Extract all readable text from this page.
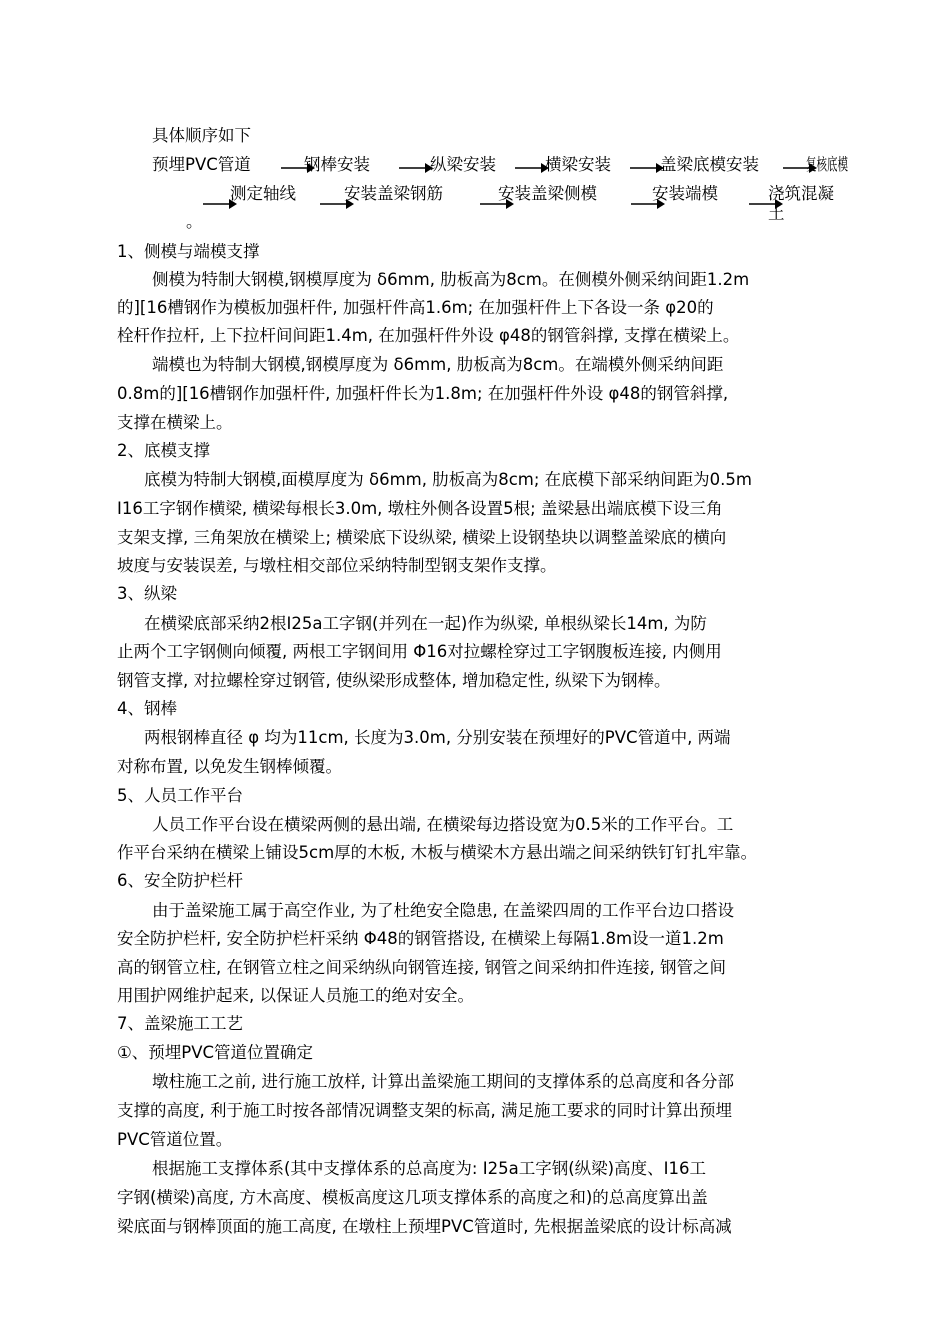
具体顺序如下
预埋PVC管道	钢棒安装	纵梁安装	横梁安装	盖梁底模安装	复核底模
测定轴线	安装盖梁钢筋	安装盖梁侧模	安装端模	浇筑混凝土
。
1、侧模与端模支撑
侧模为特制大钢模,钢模厚度为 δ6mm, 肋板高为8cm。在侧模外侧采纳间距1.2m
的][16槽钢作为模板加强杆件, 加强杆件高1.6m; 在加强杆件上下各设一条 φ20的
栓杆作拉杆, 上下拉杆间间距1.4m, 在加强杆件外设 φ48的钢管斜撑, 支撑在横梁上。
端模也为特制大钢模,钢模厚度为 δ6mm, 肋板高为8cm。在端模外侧采纳间距
0.8m的][16槽钢作加强杆件, 加强杆件长为1.8m; 在加强杆件外设 φ48的钢管斜撑,
支撑在横梁上。
2、底模支撑
底模为特制大钢模,面模厚度为 δ6mm, 肋板高为8cm; 在底模下部采纳间距为0.5m
I16工字钢作横梁, 横梁每根长3.0m, 墩柱外侧各设置5根; 盖梁悬出端底模下设三角
支架支撑, 三角架放在横梁上; 横梁底下设纵梁, 横梁上设钢垫块以调整盖梁底的横向
坡度与安装误差, 与墩柱相交部位采纳特制型钢支架作支撑。
3、纵梁
在横梁底部采纳2根I25a工字钢(并列在一起)作为纵梁, 单根纵梁长14m, 为防
止两个工字钢侧向倾覆, 两根工字钢间用 Φ16对拉螺栓穿过工字钢腹板连接, 内侧用
钢管支撑, 对拉螺栓穿过钢管, 使纵梁形成整体, 增加稳定性, 纵梁下为钢棒。
4、钢棒
两根钢棒直径 φ 均为11cm, 长度为3.0m, 分别安装在预埋好的PVC管道中, 两端
对称布置, 以免发生钢棒倾覆。
5、人员工作平台
人员工作平台设在横梁两侧的悬出端, 在横梁每边搭设宽为0.5米的工作平台。工
作平台采纳在横梁上铺设5cm厚的木板, 木板与横梁木方悬出端之间采纳铁钉钉扎牢靠。
6、安全防护栏杆
由于盖梁施工属于高空作业, 为了杜绝安全隐患, 在盖梁四周的工作平台边口搭设
安全防护栏杆, 安全防护栏杆采纳 Φ48的钢管搭设, 在横梁上每隔1.8m设一道1.2m
高的钢管立柱, 在钢管立柱之间采纳纵向钢管连接, 钢管之间采纳扣件连接, 钢管之间
用围护网维护起来, 以保证人员施工的绝对安全。
7、盖梁施工工艺
①、预埋PVC管道位置确定
墩柱施工之前, 进行施工放样, 计算出盖梁施工期间的支撑体系的总高度和各分部
支撑的高度, 利于施工时按各部情况调整支架的标高, 满足施工要求的同时计算出预埋
PVC管道位置。
根据施工支撑体系(其中支撑体系的总高度为: I25a工字钢(纵梁)高度、I16工
字钢(横梁)高度, 方木高度、模板高度这几项支撑体系的高度之和)的总高度算出盖
梁底面与钢棒顶面的施工高度, 在墩柱上预埋PVC管道时, 先根据盖梁底的设计标高减
